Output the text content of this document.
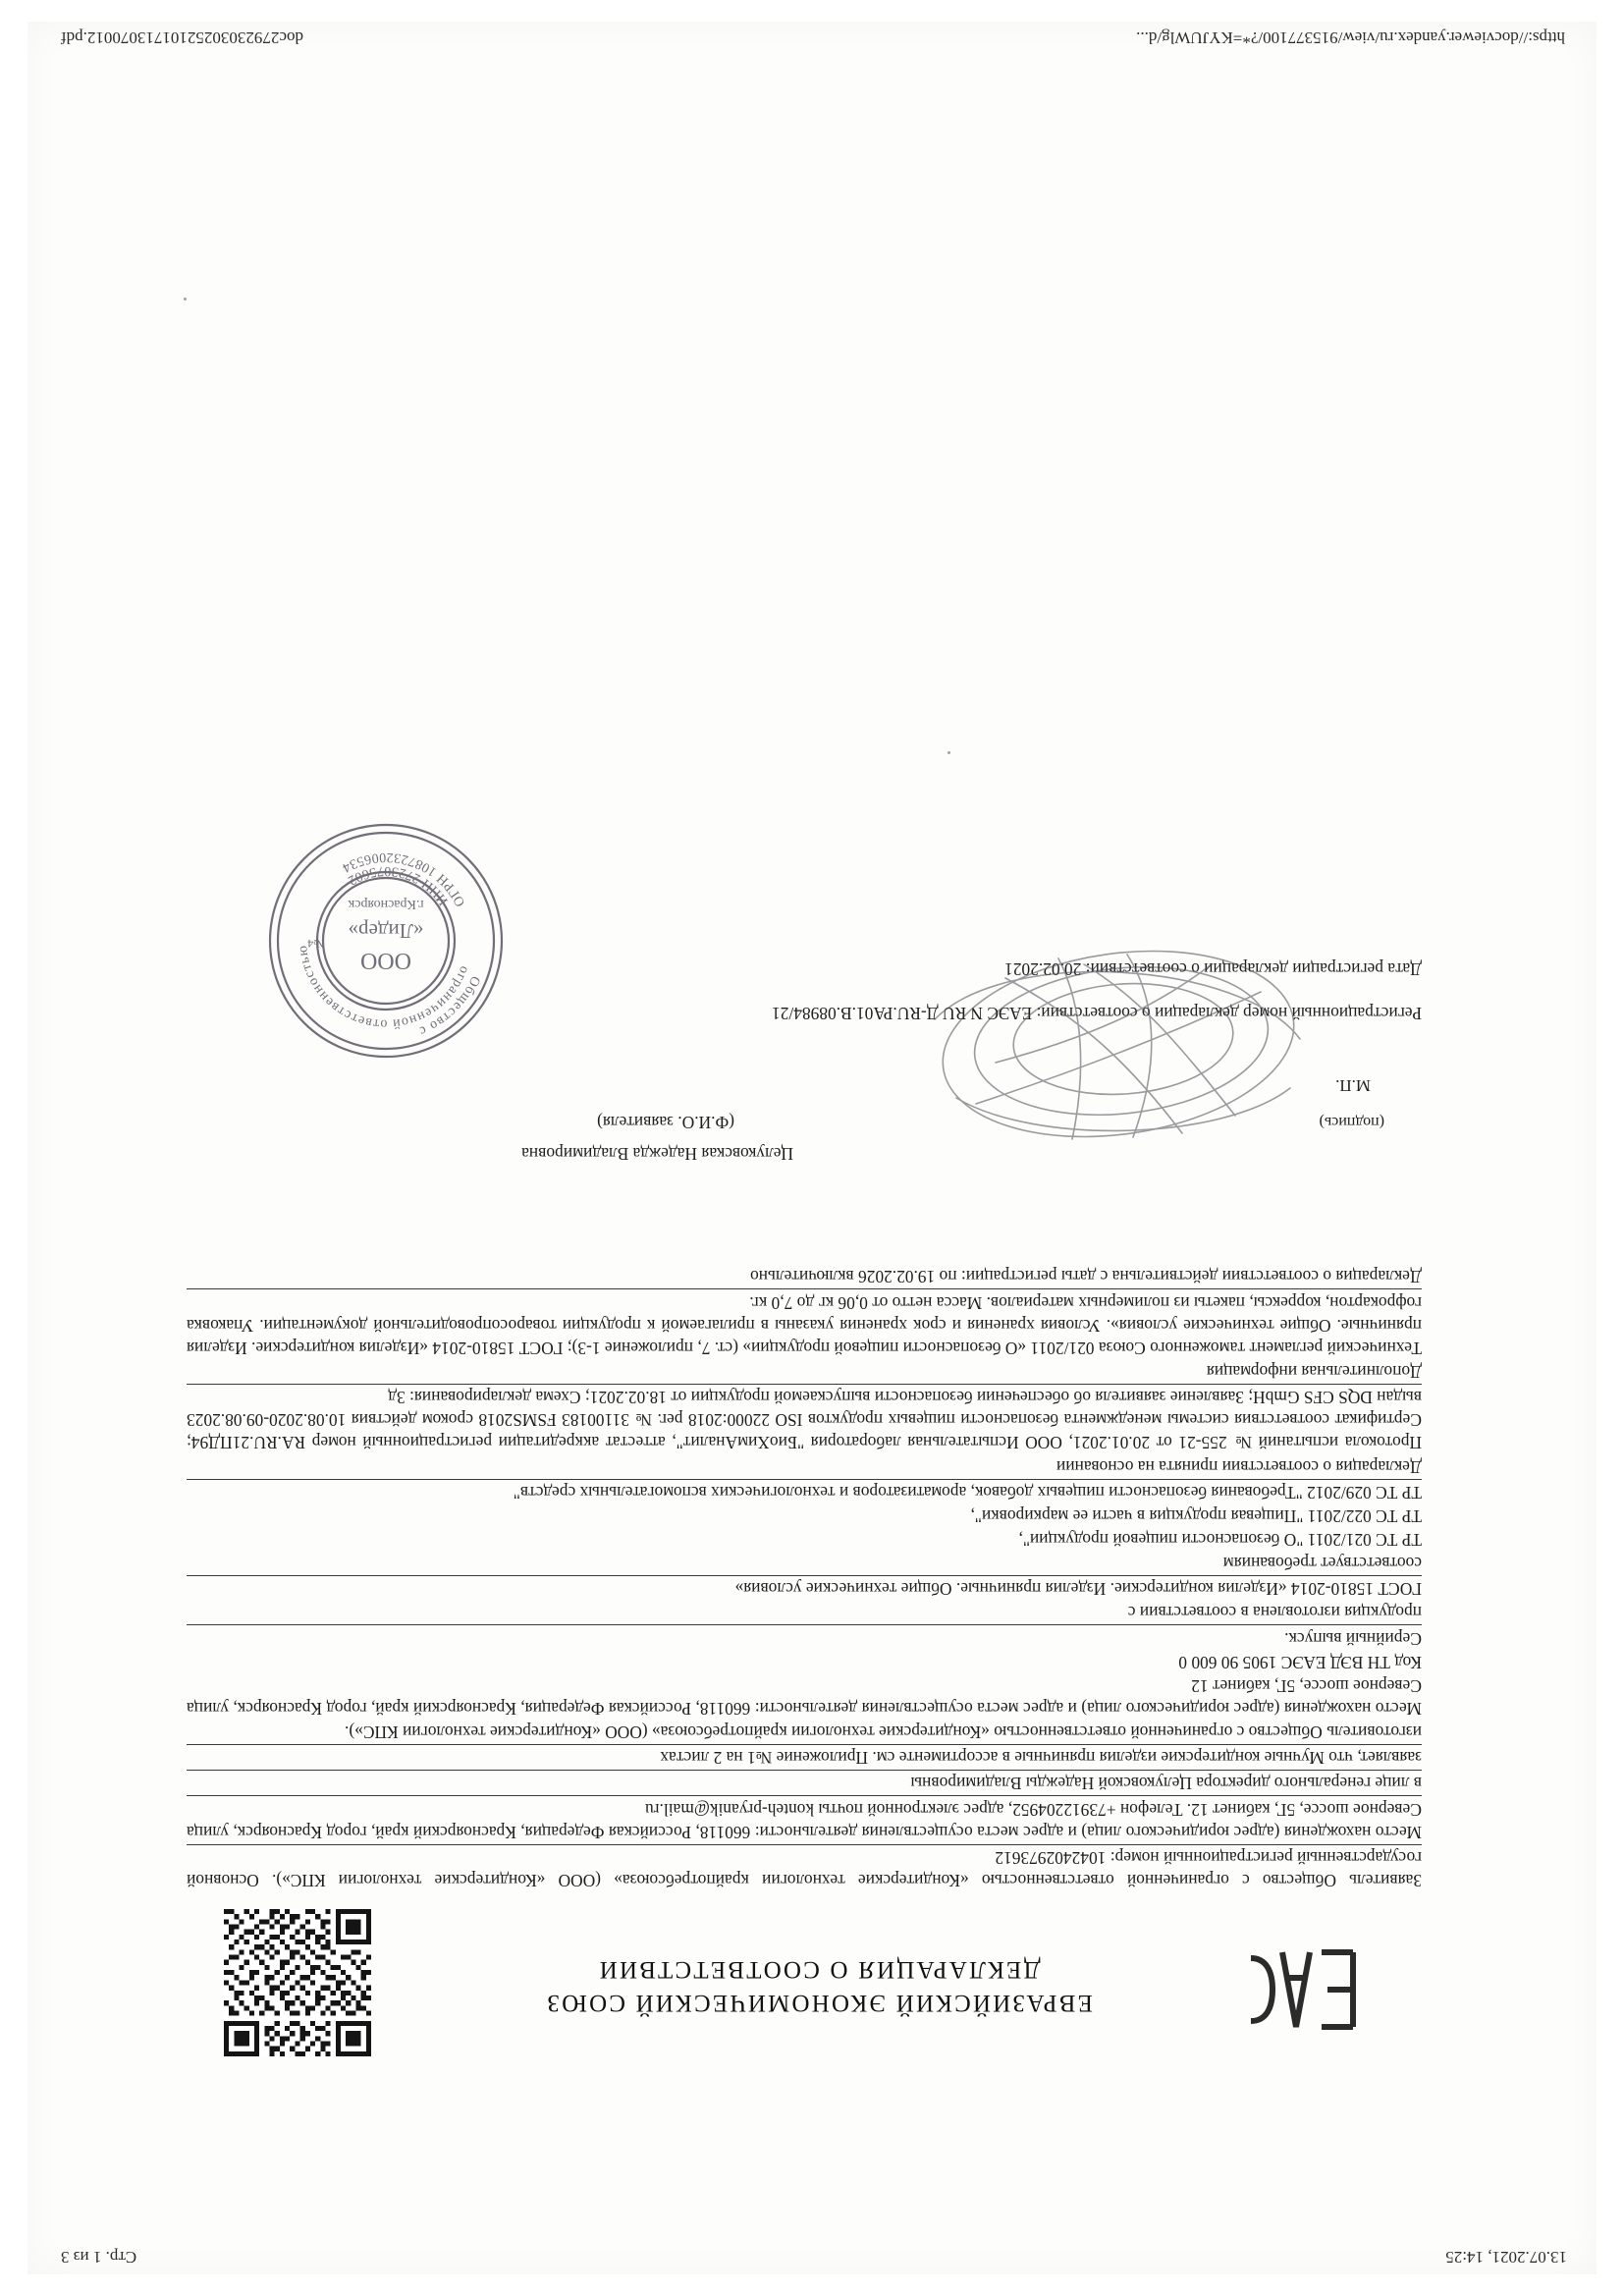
13.07.2021, 14:25
Стр. 1 из 3
https://docviewer.yandex.ru/view/915377100/?*=KYJUWlg/d...
doc27923030252101713070012.pdf
ЕВРАЗИЙСКИЙ ЭКОНОМИЧЕСКИЙ СОЮЗ
ДЕКЛАРАЦИЯ О СООТВЕТСТВИИ

Заявитель Общество с ограниченной ответственностью «Кондитерские технологии крайпотребсоюза» (ООО «Кондитерские технологии КПС»). Основной государственный регистрационный номер: 1042402973612

Место нахождения (адрес юридического лица) и адрес места осуществления деятельности: 660118, Российская Федерация, Красноярский край, город Красноярск, улица Северное шоссе, 5Г, кабинет 12. Телефон +73912204952, адрес электронной почты konteh-pryanik@mail.ru

в лице генерального директора Целуковской Надежды Владимировны

заявляет, что Мучные кондитерские изделия пряничные в ассортименте см. Приложение №1 на 2 листах

изготовитель Общество с ограниченной ответственностью «Кондитерские технологии крайпотребсоюза» (ООО «Кондитерские технологии КПС»).

Место нахождения (адрес юридического лица) и адрес места осуществления деятельности: 660118, Российская Федерация, Красноярский край, город Красноярск, улица Северное шоссе, 5Г, кабинет 12

Код ТН ВЭД ЕАЭС 1905 90 600 0

Серийный выпуск.

продукция изготовлена в соответствии с

ГОСТ 15810-2014 «Изделия кондитерские. Изделия пряничные. Общие технические условия»

соответствует требованиям

ТР ТС 021/2011 "О безопасности пищевой продукции",

ТР ТС 022/2011 "Пищевая продукция в части ее маркировки",

ТР ТС 029/2012 "Требования безопасности пищевых добавок, ароматизаторов и технологических вспомогательных средств"

Декларация о соответствии принята на основании

Протокола испытаний № 255-21 от 20.01.2021, ООО Испытательная лаборатория "БиоХимАналит", аттестат аккредитации регистрационный номер RA.RU.21ПД94; Сертификат соответствия системы менеджмента безопасности пищевых продуктов ISO 22000:2018 рег. № 31100183 FSMS2018 сроком действия 10.08.2020-09.08.2023 выдан DQS CFS GmbH; Заявление заявителя об обеспечении безопасности выпускаемой продукции от 18.02.2021; Схема декларирования: 3д

Дополнительная информация

Технический регламент таможенного Союза 021/2011 «О безопасности пищевой продукции» (ст. 7, приложение 1-3); ГОСТ 15810-2014 «Изделия кондитерские. Изделия пряничные. Общие технические условия». Условия хранения и срок хранения указаны в прилагаемой к продукции товаросопроводительной документации. Упаковка гофрокартон, коррексы, пакеты из полимерных материалов. Масса нетто от 0,06 кг до 7,0 кг.

Декларация о соответствии действительна с даты регистрации: по 19.02.2026 включительно

(подпись)
М.П.
Целуковская Надежда Владимировна
(Ф.И.О. заявителя)
Регистрационный номер декларации о соответствии: ЕАЭС N RU Д-RU.РА01.В.08984/21
Дата регистрации декларации о соответствии: 20.02.2021
Общество с
ограниченной ответственностью
ОГРН 1087232006534
ИНН 2723075602
ООО
«Лидер»
г.Красноярск
№4
